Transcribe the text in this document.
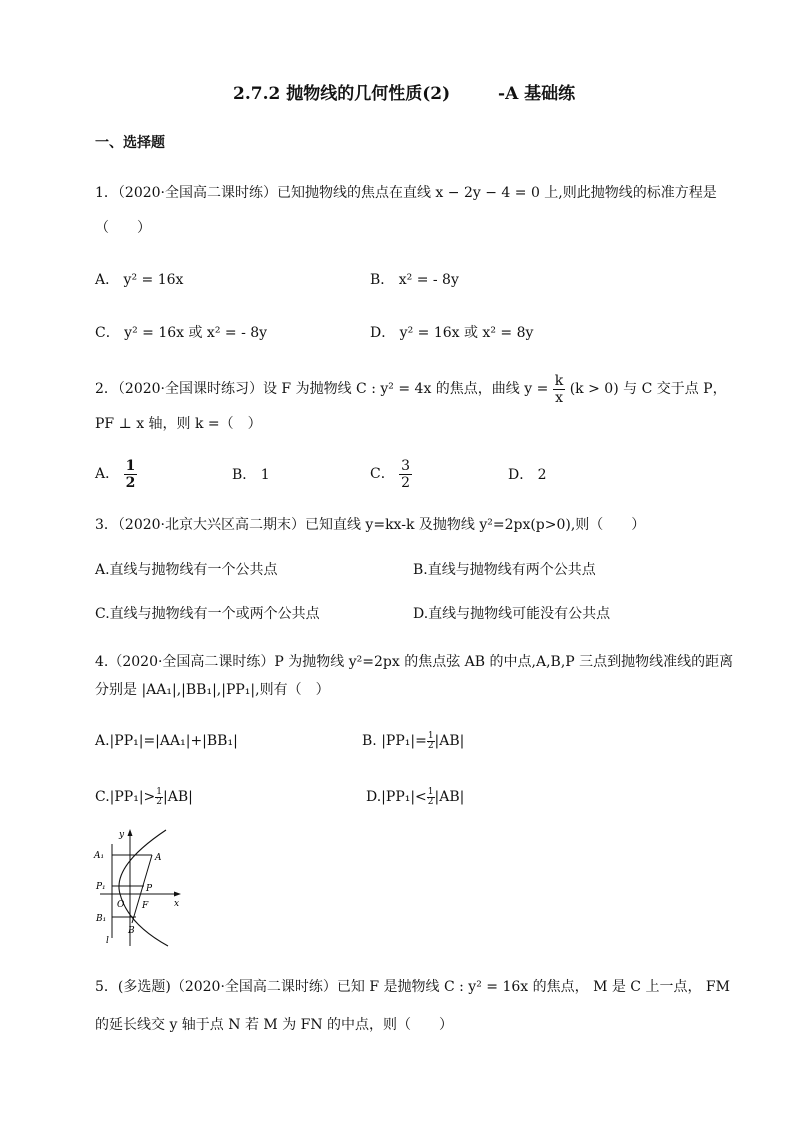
2.7.2 抛物线的几何性质(2)	-A 基础练
一、选择题
1．（2020·全国高二课时练）已知抛物线的焦点在直线 x − 2y − 4 = 0 上,则此抛物线的标准方程是
（　　）
A． y² = 16x	B． x² = - 8y
C． y² = 16x 或 x² = - 8y	D． y² = 16x 或 x² = 8y
2．（2020·全国课时练习）设 F 为抛物线 C : y² = 4x 的焦点，曲线 $y = \frac{k}{x} (k > 0)$ 与 C 交于点 P，
PF ⊥ x 轴，则 k =（　）
A． $\frac{1}{2}$	B． 1	C． $\frac{3}{2}$	D． 2
3．（2020·北京大兴区高二期末）已知直线 y=kx-k 及抛物线 y²=2px(p>0),则（　　）
A.直线与抛物线有一个公共点	B.直线与抛物线有两个公共点
C.直线与抛物线有一个或两个公共点	D.直线与抛物线可能没有公共点
4.（2020·全国高二课时练）P 为抛物线 y²=2px 的焦点弦 AB 的中点,A,B,P 三点到抛物线准线的距离
分别是 |AA₁|,|BB₁|,|PP₁|,则有（　）
A.|PP₁|=|AA₁|+|BB₁|	B. $|PP_1|= \frac{1}{2} |AB|$
$C.|PP_1|> \frac{1}{2} |AB|$	$D.|PP_1|< \frac{1}{2} |AB|$
y
x
A₁	A
P₁	P
O F
B₁
B
l
5．(多选题)（2020·全国高二课时练）已知 F 是抛物线 C : y² = 16x 的焦点， M 是 C 上一点， FM
的延长线交 y 轴于点 N 若 M 为 FN 的中点，则（　　）
